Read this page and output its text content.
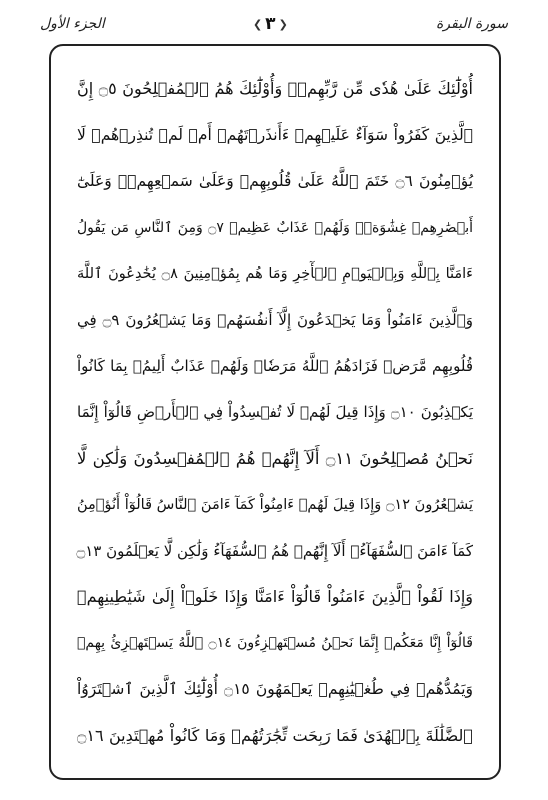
الجزء الأول	❮ ٣ ❯	سورة البقرة
أُوْلَٰٓئِكَ عَلَىٰ هُدٗى مِّن رَّبِّهِمۡۖ وَأُوْلَٰٓئِكَ هُمُ ٱلۡمُفۡلِحُونَ ۝٥ إِنَّ
ٱلَّذِينَ كَفَرُواْ سَوَآءٌ عَلَيۡهِمۡ ءَأَنذَرۡتَهُمۡ أَمۡ لَمۡ تُنذِرۡهُمۡ لَا
يُؤۡمِنُونَ ۝٦ خَتَمَ ٱللَّهُ عَلَىٰ قُلُوبِهِمۡ وَعَلَىٰ سَمۡعِهِمۡۖ وَعَلَىٰٓ
أَبۡصَٰرِهِمۡ غِشَٰوَةٞۖ وَلَهُمۡ عَذَابٌ عَظِيمٞ ۝٧ وَمِنَ ٱلنَّاسِ مَن يَقُولُ
ءَامَنَّا بِٱللَّهِ وَبِٱلۡيَوۡمِ ٱلۡأٓخِرِ وَمَا هُم بِمُؤۡمِنِينَ ۝٨ يُخَٰدِعُونَ ٱللَّهَ
وَٱلَّذِينَ ءَامَنُواْ وَمَا يَخۡدَعُونَ إِلَّآ أَنفُسَهُمۡ وَمَا يَشۡعُرُونَ ۝٩ فِي
قُلُوبِهِم مَّرَضٞ فَزَادَهُمُ ٱللَّهُ مَرَضٗاۖ وَلَهُمۡ عَذَابٌ أَلِيمُۢ بِمَا كَانُواْ
يَكۡذِبُونَ ۝١٠ وَإِذَا قِيلَ لَهُمۡ لَا تُفۡسِدُواْ فِي ٱلۡأَرۡضِ قَالُوٓاْ إِنَّمَا
نَحۡنُ مُصۡلِحُونَ ۝١١ أَلَآ إِنَّهُمۡ هُمُ ٱلۡمُفۡسِدُونَ وَلَٰكِن لَّا
يَشۡعُرُونَ ۝١٢ وَإِذَا قِيلَ لَهُمۡ ءَامِنُواْ كَمَآ ءَامَنَ ٱلنَّاسُ قَالُوٓاْ أَنُؤۡمِنُ
كَمَآ ءَامَنَ ٱلسُّفَهَآءُۗ أَلَآ إِنَّهُمۡ هُمُ ٱلسُّفَهَآءُ وَلَٰكِن لَّا يَعۡلَمُونَ ۝١٣
وَإِذَا لَقُواْ ٱلَّذِينَ ءَامَنُواْ قَالُوٓاْ ءَامَنَّا وَإِذَا خَلَوۡاْ إِلَىٰ شَيَٰطِينِهِمۡ
قَالُوٓاْ إِنَّا مَعَكُمۡ إِنَّمَا نَحۡنُ مُسۡتَهۡزِءُونَ ۝١٤ ٱللَّهُ يَسۡتَهۡزِئُ بِهِمۡ
وَيَمُدُّهُمۡ فِي طُغۡيَٰنِهِمۡ يَعۡمَهُونَ ۝١٥ أُوْلَٰٓئِكَ ٱلَّذِينَ ٱشۡتَرَوُاْ
ٱلضَّلَٰلَةَ بِٱلۡهُدَىٰ فَمَا رَبِحَت تِّجَٰرَتُهُمۡ وَمَا كَانُواْ مُهۡتَدِينَ ۝١٦
